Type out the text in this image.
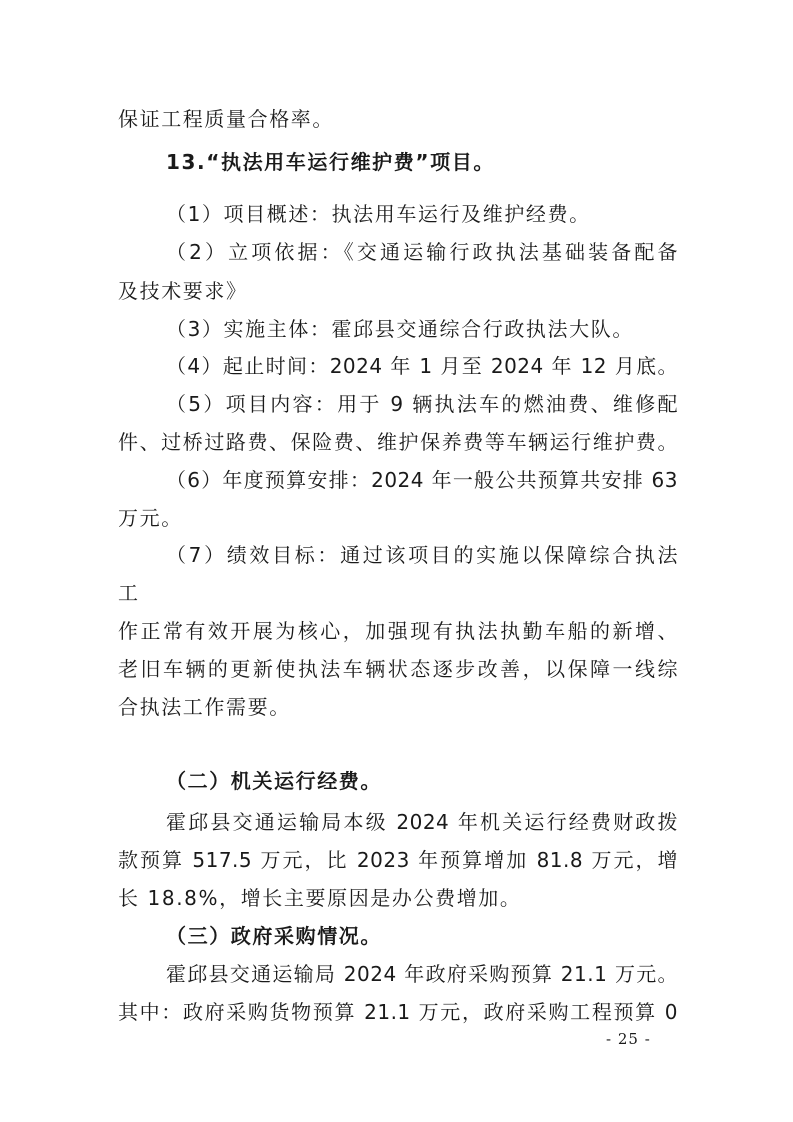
保证工程质量合格率。
13.“执法用车运行维护费”项目。
（1）项目概述：执法用车运行及维护经费。
（2）立项依据：《交通运输行政执法基础装备配备
及技术要求》
（3）实施主体：霍邱县交通综合行政执法大队。
（4）起止时间：2024 年 1 月至 2024 年 12 月底。
（5）项目内容：用于 9 辆执法车的燃油费、维修配
件、过桥过路费、保险费、维护保养费等车辆运行维护费。
（6）年度预算安排：2024 年一般公共预算共安排 63
万元。
（7）绩效目标：通过该项目的实施以保障综合执法
工
作正常有效开展为核心，加强现有执法执勤车船的新增、
老旧车辆的更新使执法车辆状态逐步改善，以保障一线综
合执法工作需要。
（二）机关运行经费。
霍邱县交通运输局本级 2024 年机关运行经费财政拨
款预算 517.5 万元，比 2023 年预算增加 81.8 万元，增
长 18.8%，增长主要原因是办公费增加。
（三）政府采购情况。
霍邱县交通运输局 2024 年政府采购预算 21.1 万元。
其中：政府采购货物预算 21.1 万元，政府采购工程预算 0
- 25 -
